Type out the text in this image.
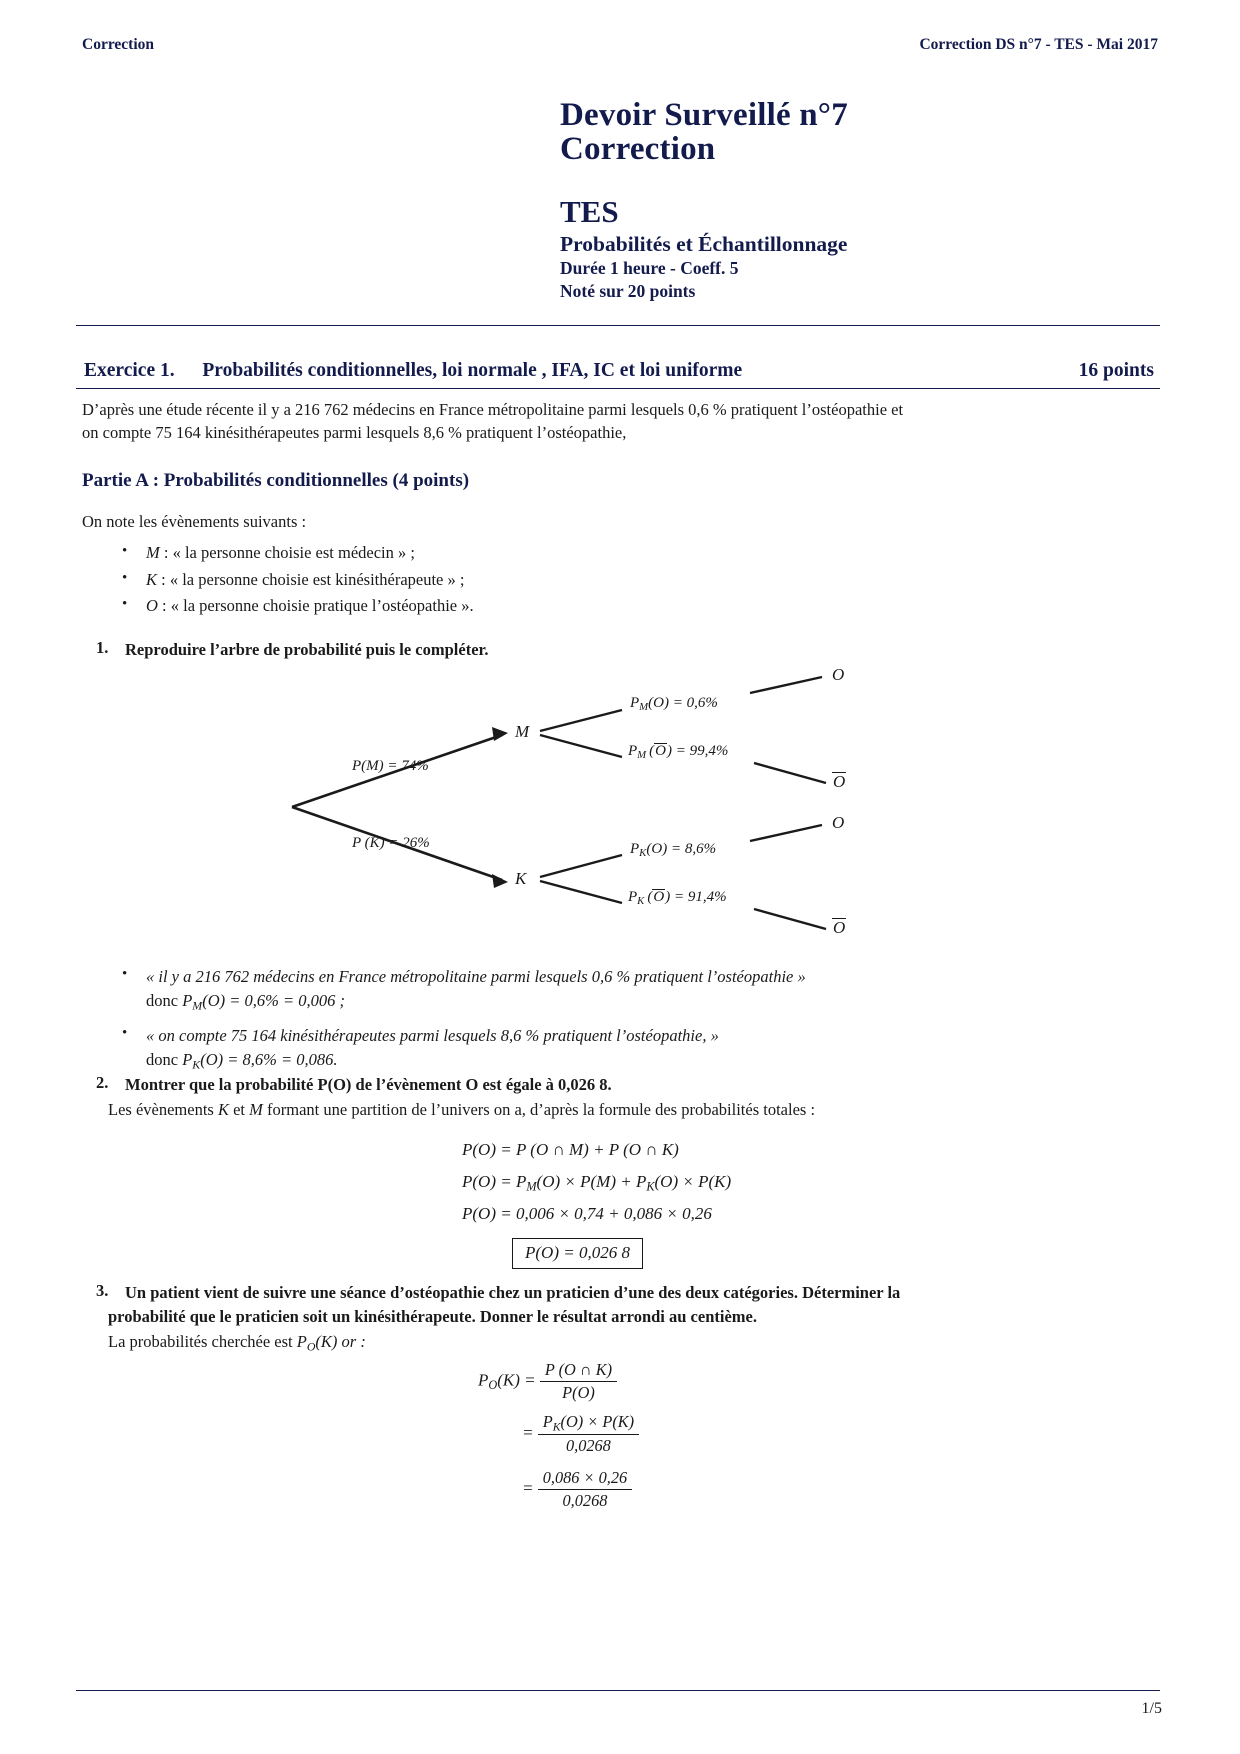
Correction	Correction DS n°7 - TES - Mai 2017
Devoir Surveillé n°7
Correction
TES
Probabilités et Échantillonnage
Durée 1 heure - Coeff. 5
Noté sur 20 points
16 points
Exercice 1. Probabilités conditionnelles, loi normale , IFA, IC et loi uniforme
D’après une étude récente il y a 216 762 médecins en France métropolitaine parmi lesquels 0,6 % pratiquent l’ostéopathie et
on compte 75 164 kinésithérapeutes parmi lesquels 8,6 % pratiquent l’ostéopathie,
Partie A : Probabilités conditionnelles (4 points)
On note les évènements suivants :
• M : « la personne choisie est médecin » ;
• K : « la personne choisie est kinésithérapeute » ;
• O : « la personne choisie pratique l’ostéopathie ».
1. Reproduire l’arbre de probabilité puis le compléter.
M
K
P(M) = 74%
P (K) = 26%
$P_M(O) = 0,6\%$
$P_M$ (O) = 99,4%
$P_K(O) = 8,6\%$
$P_K$ (O) = 91,4%
O
O
O
O
• « il y a 216 762 médecins en France métropolitaine parmi lesquels 0,6 % pratiquent l’ostéopathie »
donc $P_M(O) = 0,6\% = 0,006$ ;
• « on compte 75 164 kinésithérapeutes parmi lesquels 8,6 % pratiquent l’ostéopathie, »
donc $P_K(O) = 8,6\% = 0,086$.
2. Montrer que la probabilité P(O) de l’évènement O est égale à 0,026 8.
Les évènements K et M formant une partition de l’univers on a, d’après la formule des probabilités totales :
P(O) = P (O ∩ M) + P (O ∩ K)
$P(O) = P_M(O) \times P(M) + P_K(O) \times P(K)$
P(O) = 0,006 × 0,74 + 0,086 × 0,26
P(O) = 0,026 8
3. Un patient vient de suivre une séance d’ostéopathie chez un praticien d’une des deux catégories. Déterminer la
probabilité que le praticien soit un kinésithérapeute. Donner le résultat arrondi au centième.
La probabilités cherchée est $P_O(K)$ or :
$P_O(K) = \frac{P (O \cap K)}{P(O)}$
= $\frac{P_K(O) \times P(K)}{0,0268}$
= $\frac{0,086 \times 0,26}{0,0268}$
1/5
